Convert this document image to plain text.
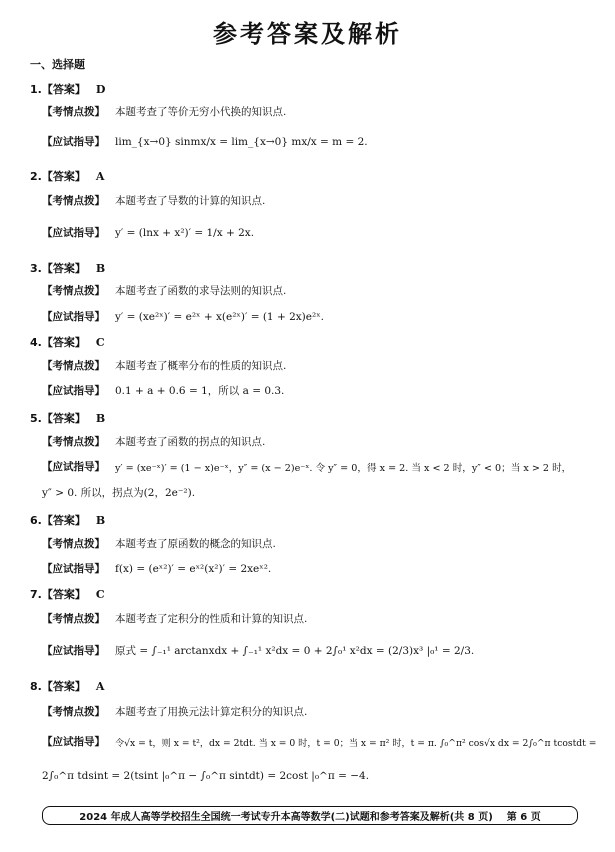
参考答案及解析
一、选择题
1.【答案】 D
【考情点拨】 本题考查了等价无穷小代换的知识点.
【应试指导】 lim_{x→0} sinmx/x = lim_{x→0} mx/x = m = 2.
2.【答案】 A
【考情点拨】 本题考查了导数的计算的知识点.
【应试指导】 y′ = (lnx + x²)′ = 1/x + 2x.
3.【答案】 B
【考情点拨】 本题考查了函数的求导法则的知识点.
【应试指导】 y′ = (xe²ˣ)′ = e²ˣ + x(e²ˣ)′ = (1 + 2x)e²ˣ.
4.【答案】 C
【考情点拨】 本题考查了概率分布的性质的知识点.
【应试指导】 0.1 + a + 0.6 = 1，所以 a = 0.3.
5.【答案】 B
【考情点拨】 本题考查了函数的拐点的知识点.
【应试指导】 y′ = (xe⁻ˣ)′ = (1 − x)e⁻ˣ，y″ = (x − 2)e⁻ˣ. 令 y″ = 0，得 x = 2. 当 x < 2 时，y″ < 0；当 x > 2 时，
y″ > 0. 所以，拐点为(2，2e⁻²).
6.【答案】 B
【考情点拨】 本题考查了原函数的概念的知识点.
【应试指导】 f(x) = (eˣ²)′ = eˣ²(x²)′ = 2xeˣ².
7.【答案】 C
【考情点拨】 本题考查了定积分的性质和计算的知识点.
【应试指导】 原式 = ∫₋₁¹ arctanxdx + ∫₋₁¹ x²dx = 0 + 2∫₀¹ x²dx = (2/3)x³ |₀¹ = 2/3.
8.【答案】 A
【考情点拨】 本题考查了用换元法计算定积分的知识点.
【应试指导】 令√x = t，则 x = t²，dx = 2tdt. 当 x = 0 时，t = 0；当 x = π² 时，t = π. ∫₀^π² cos√x dx = 2∫₀^π tcostdt =
2∫₀^π tdsint = 2(tsint |₀^π − ∫₀^π sintdt) = 2cost |₀^π = −4.
2024 年成人高等学校招生全国统一考试专升本高等数学(二)试题和参考答案及解析(共 8 页) 第 6 页
